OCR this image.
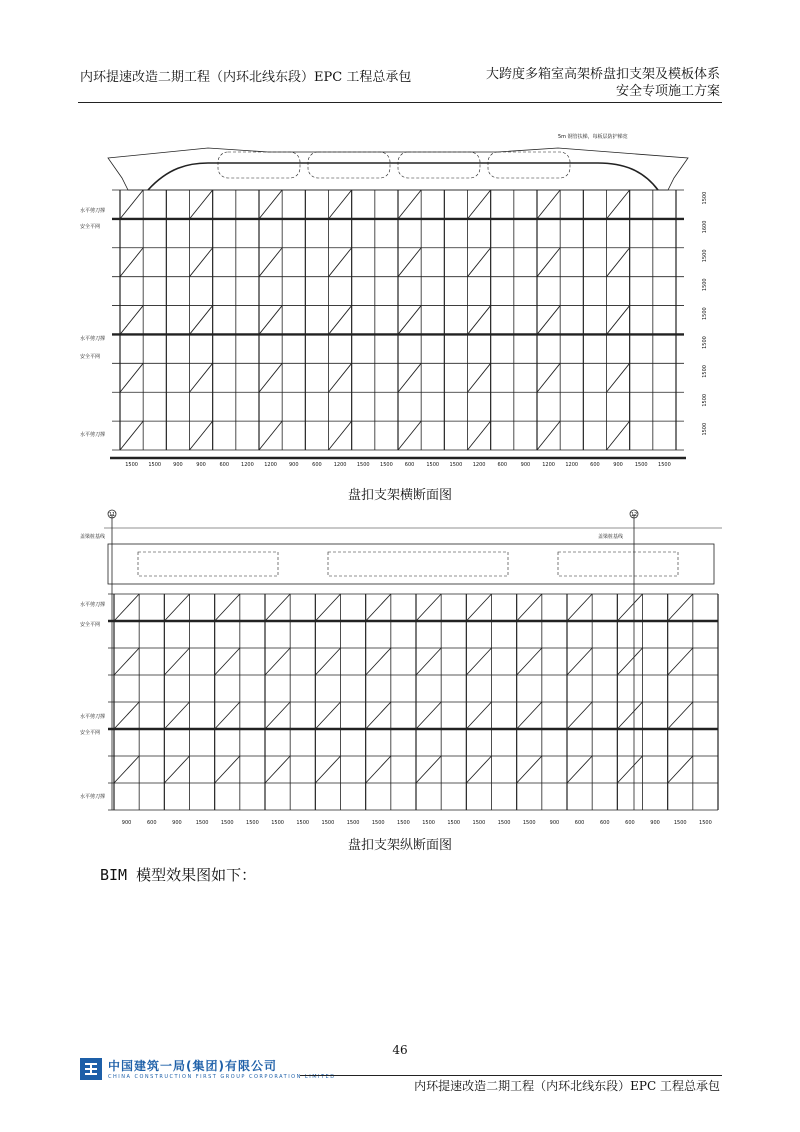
内环提速改造二期工程（内环北线东段）EPC 工程总承包	大跨度多箱室高架桥盘扣支架及模板体系
安全专项施工方案
水平剪刀撑
安全平网
水平剪刀撑
安全平网
水平剪刀撑
5m 钢管扶梯，每板层防护梯宽
1500
1600
1500
1500
1500
1500
1500
1500
1500
1500 1500 900	900	600 1200 1200 900	600 1200 1500 1500 600 1500 1500 1200 600	900 1200 1200 600	900 1500 1500
盘扣支架横断面图
11	12
盖梁桩基线	盖梁桩基线
水平剪刀撑
安全平网
水平剪刀撑
安全平网
水平剪刀撑
900	600	900	1500 1500 1500 1500 1500 1500 1500 1500 1500 1500 1500 1500 1500 1500	900	600	600	600	900	1500 1500
盘扣支架纵断面图
BIM 模型效果图如下：
46
中国建筑一局(集团)有限公司
CHINA CONSTRUCTION FIRST GROUP CORPORATION LIMITED
内环提速改造二期工程（内环北线东段）EPC 工程总承包
